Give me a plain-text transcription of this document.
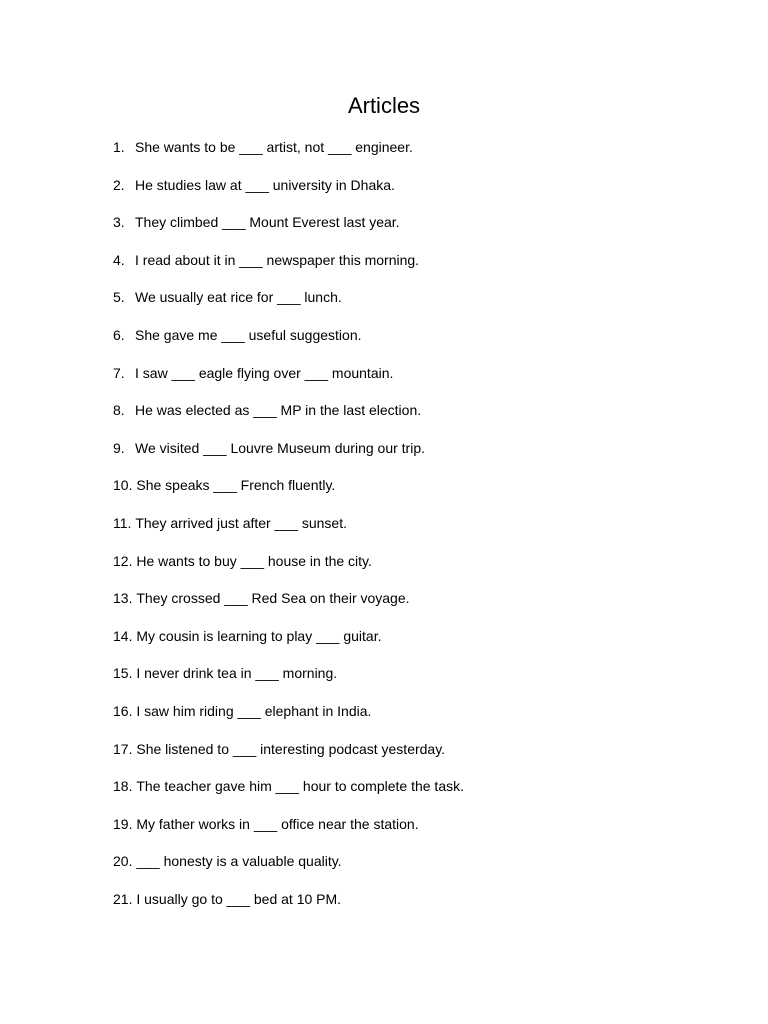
Articles
1. She wants to be ___ artist, not ___ engineer.
2. He studies law at ___ university in Dhaka.
3. They climbed ___ Mount Everest last year.
4. I read about it in ___ newspaper this morning.
5. We usually eat rice for ___ lunch.
6. She gave me ___ useful suggestion.
7. I saw ___ eagle flying over ___ mountain.
8. He was elected as ___ MP in the last election.
9. We visited ___ Louvre Museum during our trip.
10.
She speaks ___ French fluently.
11.
They arrived just after ___ sunset.
12.
He wants to buy ___ house in the city.
13.
They crossed ___ Red Sea on their voyage.
14.
My cousin is learning to play ___ guitar.
15.
I never drink tea in ___ morning.
16.
I saw him riding ___ elephant in India.
17.
She listened to ___ interesting podcast yesterday.
18.
The teacher gave him ___ hour to complete the task.
19.
My father works in ___ office near the station.
20.
___ honesty is a valuable quality.
21.
I usually go to ___ bed at 10 PM.
